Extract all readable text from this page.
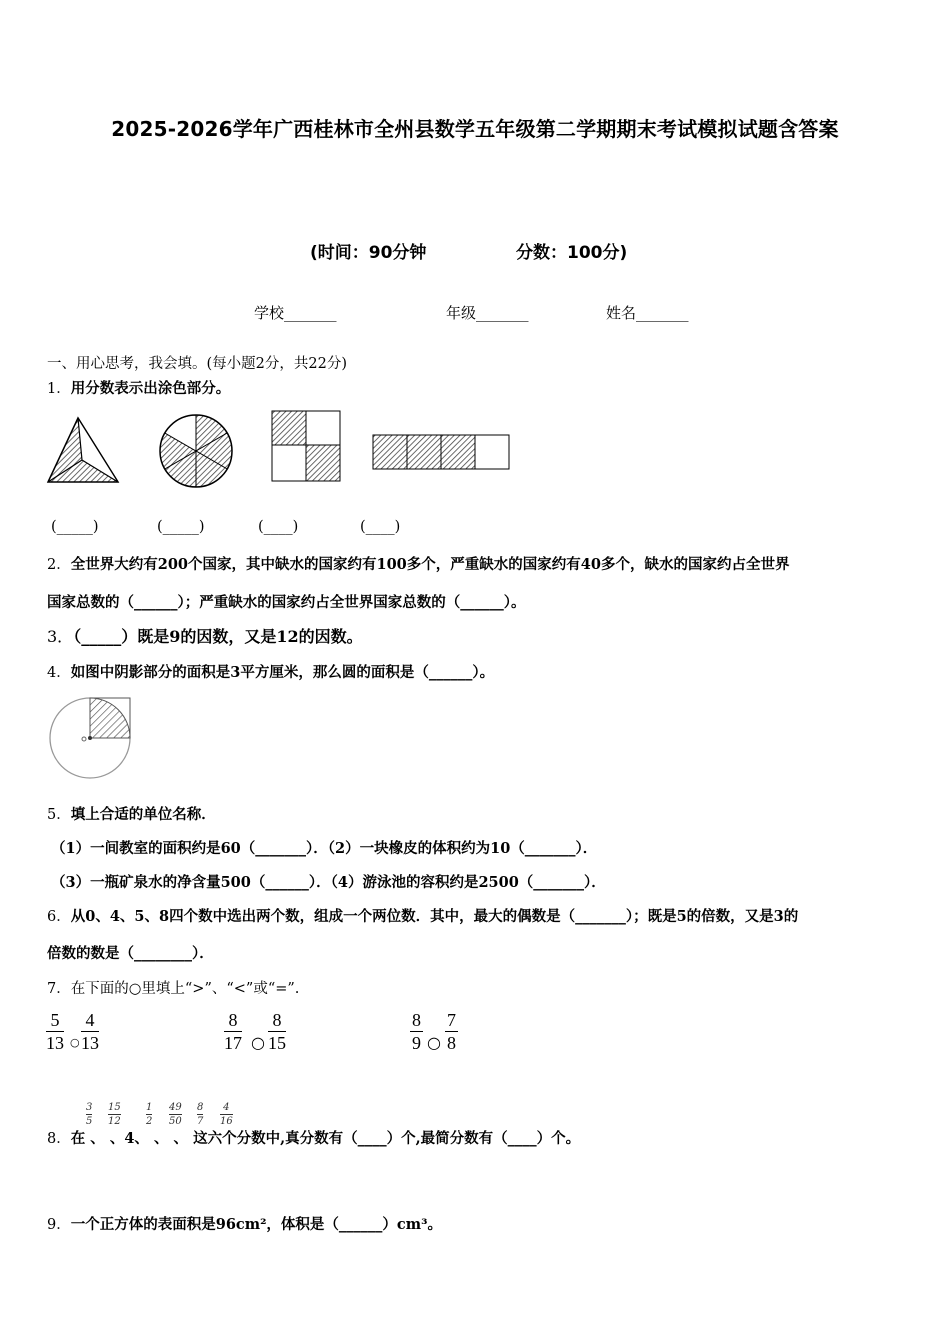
2025-2026学年广西桂林市全州县数学五年级第二学期期末考试模拟试题含答案
(时间：90分钟	分数：100分)
学校_______	年级_______	姓名_______
一、用心思考，我会填。(每小题2分，共22分)
1．用分数表示出涂色部分。
(_____)	(_____)	(____)	(____)
2．全世界大约有200个国家，其中缺水的国家约有100多个，严重缺水的国家约有40多个，缺水的国家约占全世界
国家总数的（______）；严重缺水的国家约占全世界国家总数的（______）。
3．（_____）既是9的因数，又是12的因数。
4．如图中阴影部分的面积是3平方厘米，那么圆的面积是（______）。
5．填上合适的单位名称．
（1）一间教室的面积约是60（_______）．（2）一块橡皮的体积约为10（_______）．
（3）一瓶矿泉水的净含量500（______）．（4）游泳池的容积约是2500（_______）．
6．从0、4、5、8四个数中选出两个数，组成一个两位数．其中，最大的偶数是（_______）；既是5的倍数，又是3的
倍数的数是（________）．
7．在下面的○里填上“>”、“<”或“=”.
$\frac{5}{13}$ ○ $\frac{4}{13}$	$\frac{8}{17}$ ○ $\frac{8}{15}$	$\frac{8}{9}$ ○ $\frac{7}{8}$
$\frac{3}{5} \frac{15}{12}$	$\frac{1}{2} \frac{49}{50} \frac{8}{7} \frac{4}{16}$
8．在 、 、4、 、 、 这六个分数中,真分数有（____）个,最简分数有（____）个。
9．一个正方体的表面积是96cm²，体积是（______）cm³。
